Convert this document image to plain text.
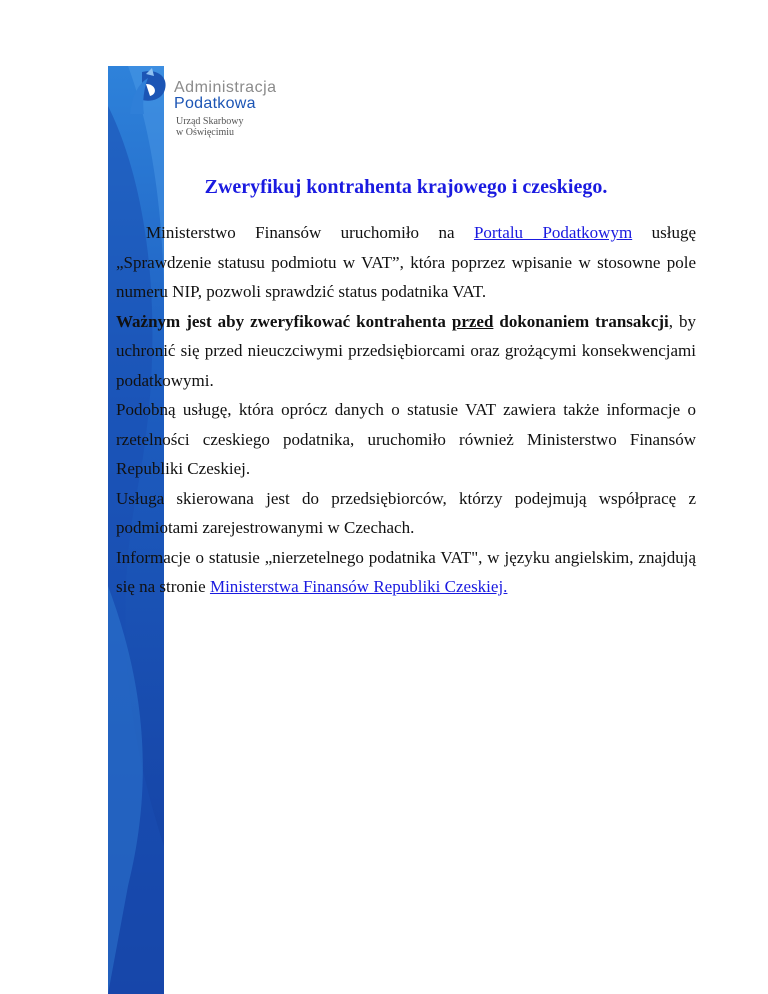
Administracja
Podatkowa
Urząd Skarbowy
w Oświęcimiu
Zweryfikuj kontrahenta krajowego i czeskiego.

Ministerstwo Finansów uruchomiło na Portalu Podatkowym usługę „Sprawdzenie statusu podmiotu w VAT”, która poprzez wpisanie w stosowne pole numeru NIP, pozwoli sprawdzić status podatnika VAT.

Ważnym jest aby zweryfikować kontrahenta przed dokonaniem transakcji, by uchronić się przed nieuczciwymi przedsiębiorcami oraz grożącymi konsekwencjami podatkowymi.

Podobną usługę, która oprócz danych o statusie VAT zawiera także informacje o rzetelności czeskiego podatnika, uruchomiło również Ministerstwo Finansów Republiki Czeskiej.

Usługa skierowana jest do przedsiębiorców, którzy podejmują współpracę z podmiotami zarejestrowanymi w Czechach.

Informacje o statusie „nierzetelnego podatnika VAT", w języku angielskim, znajdują się na stronie Ministerstwa Finansów Republiki Czeskiej.
